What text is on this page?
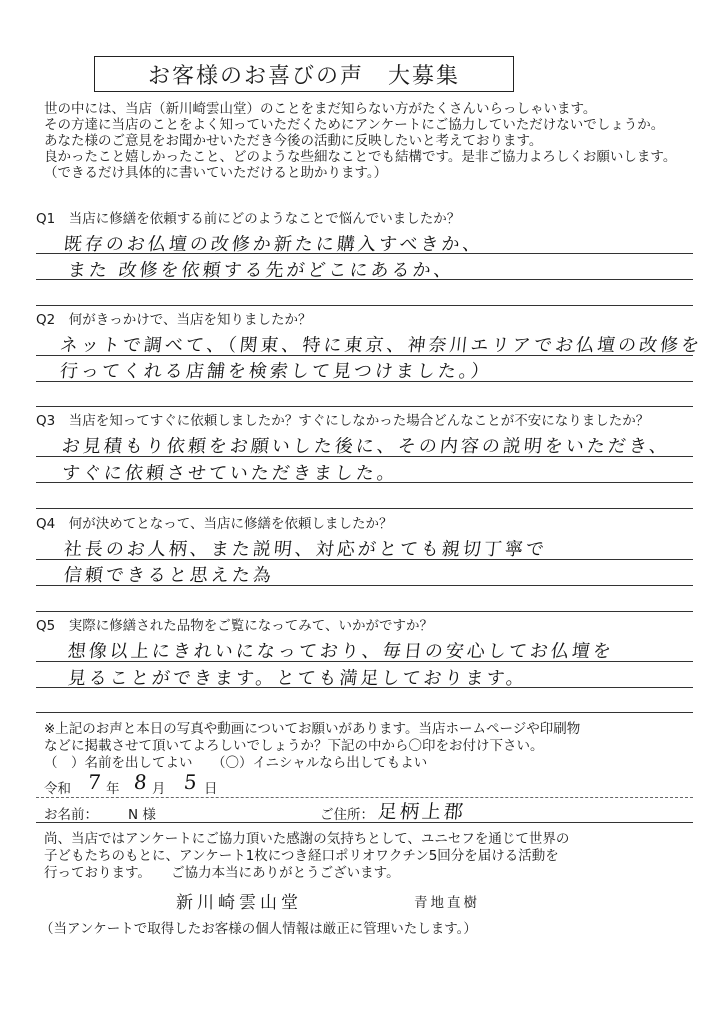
お客様のお喜びの声　大募集
世の中には、当店（新川崎雲山堂）のことをまだ知らない方がたくさんいらっしゃいます。
その方達に当店のことをよく知っていただくためにアンケートにご協力していただけないでしょうか。
あなた様のご意見をお聞かせいただき今後の活動に反映したいと考えております。
良かったこと嬉しかったこと、どのような些細なことでも結構です。是非ご協力よろしくお願いします。
（できるだけ具体的に書いていただけると助かります。）
Q1　当店に修繕を依頼する前にどのようなことで悩んでいましたか？
既存のお仏壇の改修か新たに購入すべきか、
また 改修を依頼する先がどこにあるか、
Q2　何がきっかけで、当店を知りましたか？
ネットで調べて、（関東、特に東京、神奈川エリアでお仏壇の改修を
行ってくれる店舗を検索して見つけました。）
Q3　当店を知ってすぐに依頼しましたか？すぐにしなかった場合どんなことが不安になりましたか？
お見積もり依頼をお願いした後に、その内容の説明をいただき、
すぐに依頼させていただきました。
Q4　何が決めてとなって、当店に修繕を依頼しましたか？
社長のお人柄、また説明、対応がとても親切丁寧で
信頼できると思えた為
Q5　実際に修繕された品物をご覧になってみて、いかがですか？
想像以上にきれいになっており、毎日の安心してお仏壇を
見ることができます。とても満足しております。
※上記のお声と本日の写真や動画についてお願いがあります。当店ホームページや印刷物
などに掲載させて頂いてよろしいでしょうか？下記の中から〇印をお付け下さい。
（　）名前を出してよい （〇）イニシャルなら出してもよい
令和 7 年 8 月 5 日
お名前： N 様	ご住所： 足柄上郡
尚、当店ではアンケートにご協力頂いた感謝の気持ちとして、ユニセフを通じて世界の
子どもたちのもとに、アンケート1枚につき経口ポリオワクチン5回分を届ける活動を
行っております。　　ご協力本当にありがとうございます。
新川崎雲山堂	青地直樹
（当アンケートで取得したお客様の個人情報は厳正に管理いたします。）
